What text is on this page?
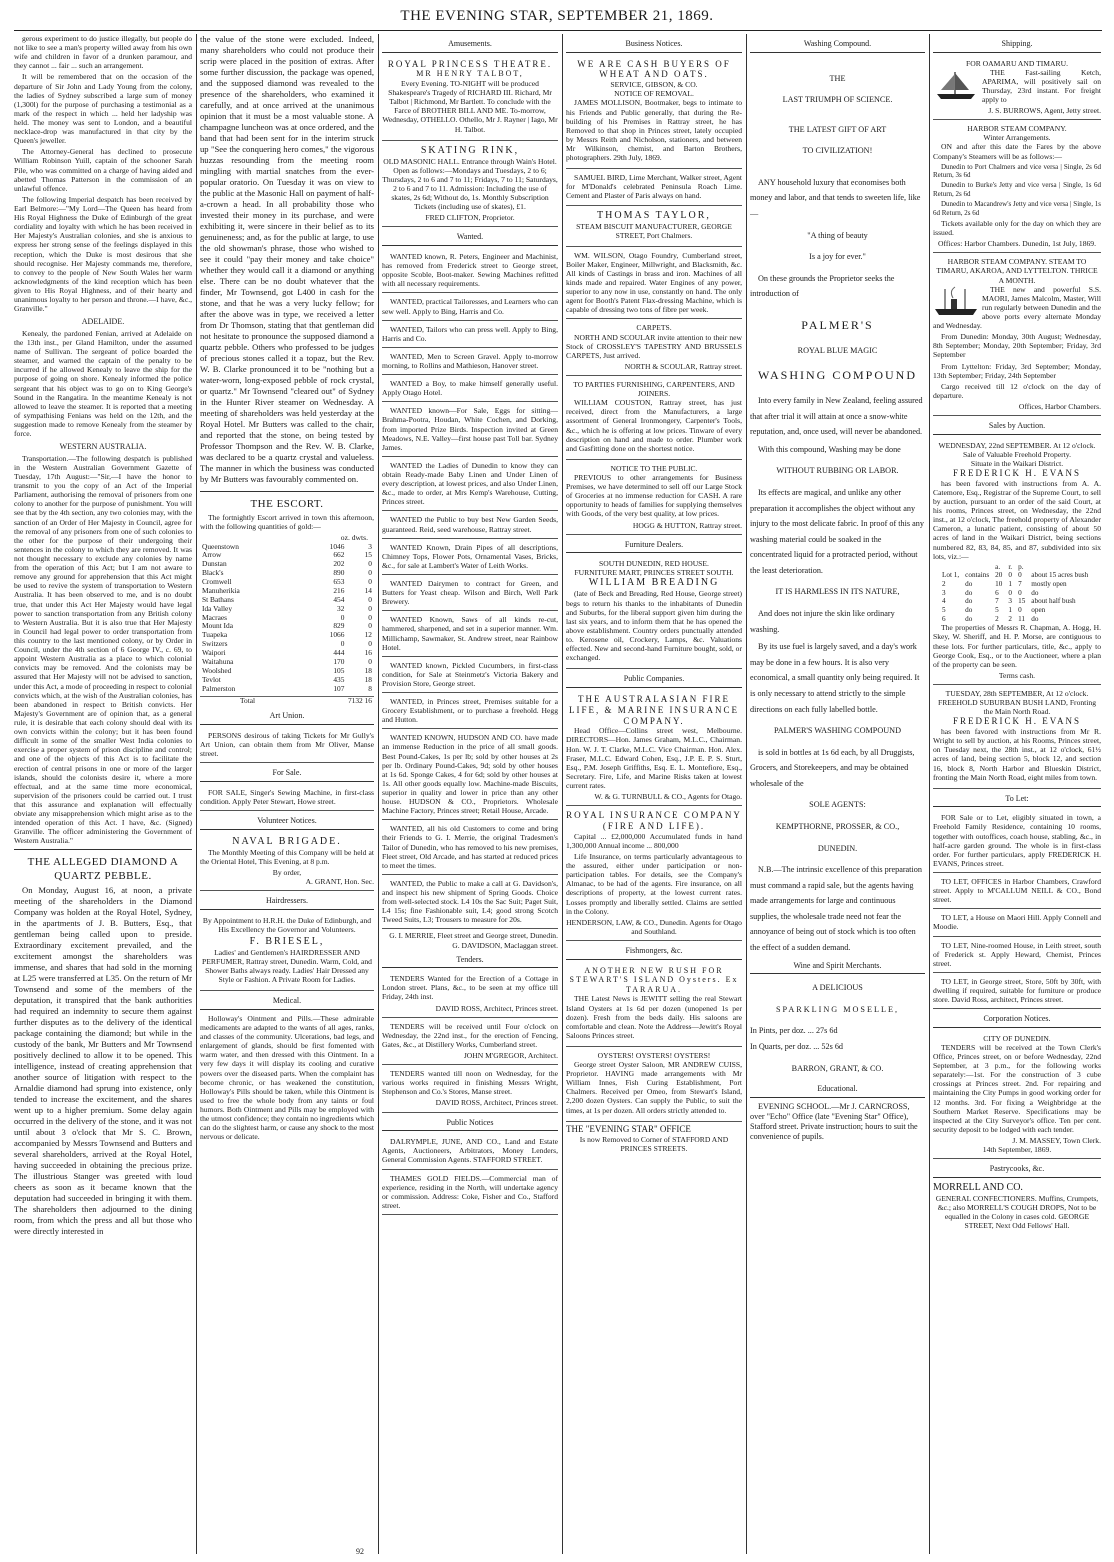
THE EVENING STAR, SEPTEMBER 21, 1869.

gerous experiment to do justice illegally, but people do not like to see a man's property willed away from his own wife and children in favor of a drunken paramour, and they cannot ... fair ... such an arrangement.

It will be remembered that on the occasion of the departure of Sir John and Lady Young from the colony, the ladies of Sydney subscribed a large sum of money (1,300l) for the purpose of purchasing a testimonial as a mark of the respect in which ... held her ladyship was held. The money was sent to London, and a beautiful necklace-drop was manufactured in that city by the Queen's jeweller.

The Attorney-General has declined to prosecute William Robinson Yuill, captain of the schooner Sarah Pile, who was committed on a charge of having aided and abetted Thomas Patterson in the commission of an unlawful offence.

The following Imperial despatch has been received by Earl Belmore:—"My Lord—The Queen has heard from His Royal Highness the Duke of Edinburgh of the great cordiality and loyalty with which he has been received in Her Majesty's Australian colonies, and she is anxious to express her strong sense of the feelings displayed in this reception, which the Duke is most desirous that she should recognise. Her Majesty commands me, therefore, to convey to the people of New South Wales her warm acknowledgments of the kind reception which has been given to His Royal Highness, and of their hearty and unanimous loyalty to her person and throne.—I have, &c., Granville."

ADELAIDE.

Kenealy, the pardoned Fenian, arrived at Adelaide on the 13th inst., per Gland Hamilton, under the assumed name of Sullivan. The sergeant of police boarded the steamer, and warned the captain of the penalty to be incurred if he allowed Kenealy to leave the ship for the purpose of going on shore. Kenealy informed the police sergeant that his object was to go on to King George's Sound in the Rangatira. In the meantime Kenealy is not allowed to leave the steamer. It is reported that a meeting of sympathising Fenians was held on the 12th, and the suggestion made to remove Kenealy from the steamer by force.

WESTERN AUSTRALIA.

Transportation.—The following despatch is published in the Western Australian Government Gazette of Tuesday, 17th August:—"Sir,—I have the honor to transmit to you the copy of an Act of the Imperial Parliament, authorising the removal of prisoners from one colony to another for the purpose of punishment. You will see that by the 4th section, any two colonies may, with the sanction of an Order of Her Majesty in Council, agree for the removal of any prisoners from one of such colonies to the other for the purpose of their undergoing their sentences in the colony to which they are removed. It was not thought necessary to exclude any colonies by name from the operation of this Act; but I am not aware to remove any ground for apprehension that this Act might be used to revive the system of transportation to Western Australia. It has been observed to me, and is no doubt true, that under this Act Her Majesty would have legal power to sanction transportation from any British colony to Western Australia. But it is also true that Her Majesty in Council had legal power to order transportation from this country to the last mentioned colony, or by Order in Council, under the 4th section of 6 George IV., c. 69, to appoint Western Australia as a place to which colonial convicts may be removed. And the colonists may be assured that Her Majesty will not be advised to sanction, under this Act, a mode of proceeding in respect to colonial convicts which, at the wish of the Australian colonies, has been abandoned in respect to British convicts. Her Majesty's Government are of opinion that, as a general rule, it is desirable that each colony should deal with its own convicts within the colony; but it has been found difficult in some of the smaller West India colonies to exercise a proper system of prison discipline and control; and one of the objects of this Act is to facilitate the erection of central prisons in one or more of the larger islands, should the colonists desire it, where a more effectual, and at the same time more economical, supervision of the prisoners could be carried out. I trust that this assurance and explanation will effectually obviate any misapprehension which might arise as to the intended operation of this Act. I have, &c. (Signed) Granville. The officer administering the Government of Western Australia."

THE ALLEGED DIAMOND A QUARTZ PEBBLE.

On Monday, August 16, at noon, a private meeting of the shareholders in the Diamond Company was holden at the Royal Hotel, Sydney, in the apartments of J. B. Butters, Esq., that gentleman being called upon to preside. Extraordinary excitement prevailed, and the excitement amongst the shareholders was immense, and shares that had sold in the morning at L25 were transferred at L35. On the return of Mr Townsend and some of the members of the deputation, it transpired that the bank authorities had required an indemnity to secure them against further disputes as to the delivery of the identical package containing the diamond; but while in the custody of the bank, Mr Butters and Mr Townsend positively declined to allow it to be opened. This intelligence, instead of creating apprehension that another source of litigation with respect to the Arnaldie diamond had sprung into existence, only tended to increase the excitement, and the shares went up to a higher premium. Some delay again occurred in the delivery of the stone, and it was not until about 3 o'clock that Mr S. C. Brown, accompanied by Messrs Townsend and Butters and several shareholders, arrived at the Royal Hotel, having succeeded in obtaining the precious prize. The illustrious Stanger was greeted with loud cheers as soon as it became known that the deputation had succeeded in bringing it with them. The shareholders then adjourned to the dining room, from which the press and all but those who were directly interested in

the value of the stone were excluded. Indeed, many shareholders who could not produce their scrip were placed in the position of extras. After some further discussion, the package was opened, and the supposed diamond was revealed to the presence of the shareholders, who examined it carefully, and at once arrived at the unanimous opinion that it must be a most valuable stone. A champagne luncheon was at once ordered, and the band that had been sent for in the interim struck up "See the conquering hero comes," the vigorous huzzas resounding from the meeting room mingling with martial snatches from the ever-popular oratorio. On Tuesday it was on view to the public at the Masonic Hall on payment of half-a-crown a head. In all probability those who invested their money in its purchase, and were exhibiting it, were sincere in their belief as to its genuineness; and, as for the public at large, to use the old showman's phrase, those who wished to see it could "pay their money and take choice" whether they would call it a diamond or anything else. There can be no doubt whatever that the finder, Mr Townsend, got L400 in cash for the stone, and that he was a very lucky fellow; for after the above was in type, we received a letter from Dr Thomson, stating that that gentleman did not hesitate to pronounce the supposed diamond a quartz pebble. Others who professed to be judges of precious stones called it a topaz, but the Rev. W. B. Clarke pronounced it to be "nothing but a water-worn, long-exposed pebble of rock crystal, or quartz." Mr Townsend "cleared out" of Sydney in the Hunter River steamer on Wednesday. A meeting of shareholders was held yesterday at the Royal Hotel. Mr Butters was called to the chair, and reported that the stone, on being tested by Professor Thompson and the Rev. W. B. Clarke, was declared to be a quartz crystal and valueless. The manner in which the business was conducted by Mr Butters was favourably commented on.

THE ESCORT.

The fortnightly Escort arrived in town this afternoon, with the following quantities of gold:—

oz. dwts.
Queenstown	1046	3
Arrow	662	15
Dunstan	202	0
Black's	890	0
Cromwell	653	0
Manuherikia	216	14
St Bathans	454	0
Ida Valley	32	0
Macraes	0	0
Mount Ida	829	0
Tuapeka	1066	12
Switzers	0	0
Waipori	444	16
Waitahuna	170	0
Woolshed	105	18
Tevlot	435	18
Palmerston	107	8
Total	7132 16
Art Union.

PERSONS desirous of taking Tickets for Mr Gully's Art Union, can obtain them from Mr Oliver, Manse street.

For Sale.

FOR SALE, Singer's Sewing Machine, in first-class condition. Apply Peter Stewart, Howe street.

Volunteer Notices.
NAVAL BRIGADE.

The Monthly Meeting of this Company will be held at the Oriental Hotel, This Evening, at 8 p.m.

By order,
A. GRANT, Hon. Sec.
Hairdressers.

By Appointment to H.R.H. the Duke of Edinburgh, and His Excellency the Governor and Volunteers.

F. BRIESEL,

Ladies' and Gentlemen's HAIRDRESSER AND PERFUMER, Rattray street, Dunedin. Warm, Cold, and Shower Baths always ready. Ladies' Hair Dressed any Style or Fashion. A Private Room for Ladies.

Medical.

Holloway's Ointment and Pills.—These admirable medicaments are adapted to the wants of all ages, ranks, and classes of the community. Ulcerations, bad legs, and enlargement of glands, should be first fomented with warm water, and then dressed with this Ointment. In a very few days it will display its cooling and curative powers over the diseased parts. When the complaint has become chronic, or has weakened the constitution, Holloway's Pills should be taken, while this Ointment is used to free the whole body from any taints or foul humors. Both Ointment and Pills may be employed with the utmost confidence; they contain no ingredients which can do the slightest harm, or cause any shock to the most nervous or delicate.

Amusements.
ROYAL PRINCESS THEATRE.
MR HENRY TALBOT,

Every Evening. TO-NIGHT will be produced Shakespeare's Tragedy of RICHARD III. Richard, Mr Talbot | Richmond, Mr Bartlett. To conclude with the Farce of BROTHER BILL AND ME. To-morrow, Wednesday, OTHELLO. Othello, Mr J. Rayner | Iago, Mr H. Talbot.

SKATING RINK,

OLD MASONIC HALL. Entrance through Wain's Hotel. Open as follows:—Mondays and Tuesdays, 2 to 6; Thursdays, 2 to 6 and 7 to 11; Fridays, 7 to 11; Saturdays, 2 to 6 and 7 to 11. Admission: Including the use of skates, 2s 6d; Without do, 1s. Monthly Subscription Tickets (including use of skates), £1.

FRED CLIFTON, Proprietor.
Wanted.

WANTED known, R. Peters, Engineer and Machinist, has removed from Frederick street to George street, opposite Scoble, Boot-maker. Sewing Machines refitted with all necessary requirements.

WANTED, practical Tailoresses, and Learners who can sew well. Apply to Bing, Harris and Co.

WANTED, Tailors who can press well. Apply to Bing, Harris and Co.

WANTED, Men to Screen Gravel. Apply to-morrow morning, to Rollins and Mathieson, Hanover street.

WANTED a Boy, to make himself generally useful. Apply Otago Hotel.

WANTED known—For Sale, Eggs for sitting—Brahma-Pootra, Houdan, White Cochen, and Dorking, from imported Prize Birds. Inspection invited at Green Meadows, N.E. Valley—first house past Toll bar. Sydney James.

WANTED the Ladies of Dunedin to know they can obtain Ready-made Baby Linen and Under Linen of every description, at lowest prices, and also Under Linen, &c., made to order, at Mrs Kemp's Warehouse, Cutting, Princes street.

WANTED the Public to buy best New Garden Seeds, guaranteed. Reid, seed warehouse, Rattray street.

WANTED Known, Drain Pipes of all descriptions, Chimney Tops, Flower Pots, Ornamental Vases, Bricks, &c., for sale at Lambert's Water of Leith Works.

WANTED Dairymen to contract for Green, and Butters for Yeast cheap. Wilson and Birch, Well Park Brewery.

WANTED Known, Saws of all kinds re-cut, hammered, sharpened, and set in a superior manner. Wm. Millichamp, Sawmaker, St. Andrew street, near Rainbow Hotel.

WANTED known, Pickled Cucumbers, in first-class condition, for Sale at Steinmetz's Victoria Bakery and Provision Store, George street.

WANTED, in Princes street, Premises suitable for a Grocery Establishment, or to purchase a freehold. Hegg and Hutton.

WANTED KNOWN, HUDSON AND CO. have made an immense Reduction in the price of all small goods. Best Pound-Cakes, 1s per lb; sold by other houses at 2s per lb. Ordinary Pound-Cakes, 9d; sold by other houses at 1s 6d. Sponge Cakes, 4 for 6d; sold by other houses at 1s. All other goods equally low. Machine-made Biscuits, superior in quality and lower in price than any other house. HUDSON & CO., Proprietors. Wholesale Machine Factory, Princes street; Retail House, Arcade.

WANTED, all his old Customers to come and bring their Friends to G. I. Merrie, the original Tradesmen's Tailor of Dunedin, who has removed to his new premises, Fleet street, Old Arcade, and has started at reduced prices to meet the times.

WANTED, the Public to make a call at G. Davidson's, and inspect his new shipment of Spring Goods. Choice from well-selected stock. L4 10s the Sac Suit; Paget Suit, L4 15s; fine Fashionable suit, L4; good strong Scotch Tweed Suits, L3; Trousers to measure for 20s.

G. I. MERRIE, Fleet street and George street, Dunedin.
G. DAVIDSON, Maclaggan street.
Tenders.

TENDERS Wanted for the Erection of a Cottage in London street. Plans, &c., to be seen at my office till Friday, 24th inst.

DAVID ROSS, Architect, Princes street.

TENDERS will be received until Four o'clock on Wednesday, the 22nd inst., for the erection of Fencing, Gates, &c., at Distillery Works, Cumberland street.

JOHN M'GREGOR, Architect.

TENDERS wanted till noon on Wednesday, for the various works required in finishing Messrs Wright, Stephenson and Co.'s Stores, Manse street.

DAVID ROSS, Architect, Princes street.
Public Notices

DALRYMPLE, JUNE, AND CO., Land and Estate Agents, Auctioneers, Arbitrators, Money Lenders, General Commission Agents. STAFFORD STREET.

THAMES GOLD FIELDS.—Commercial man of experience, residing in the North, will undertake agency or commission. Address: Coke, Fisher and Co., Stafford street.

Business Notices.
WE ARE CASH BUYERS OF WHEAT AND OATS.
SERVICE, GIBSON, & CO.
NOTICE OF REMOVAL.

JAMES MOLLISON, Bootmaker, begs to intimate to his Friends and Public generally, that during the Re-building of his Premises in Rattray street, he has Removed to that shop in Princes street, lately occupied by Messrs Reith and Nicholson, stationers, and between Mr Wilkinson, chemist, and Barton Brothers, photographers. 29th July, 1869.

SAMUEL BIRD, Lime Merchant, Walker street, Agent for M'Donald's celebrated Peninsula Roach Lime. Cement and Plaster of Paris always on hand.

THOMAS TAYLOR,

STEAM BISCUIT MANUFACTURER, GEORGE STREET, Port Chalmers.

WM. WILSON, Otago Foundry, Cumberland street, Boiler Maker, Engineer, Millwright, and Blacksmith, &c. All kinds of Castings in brass and iron. Machines of all kinds made and repaired. Water Engines of any power, superior to any now in use, constantly on hand. The only agent for Booth's Patent Flax-dressing Machine, which is capable of dressing two tons of fibre per week.

CARPETS.

NORTH AND SCOULAR invite attention to their new Stock of CROSSLEY'S TAPESTRY AND BRUSSELS CARPETS, Just arrived.

NORTH & SCOULAR, Rattray street.
TO PARTIES FURNISHING, CARPENTERS, AND JOINERS.

WILLIAM COUSTON, Rattray street, has just received, direct from the Manufacturers, a large assortment of General Ironmongery, Carpenter's Tools, &c., which he is offering at low prices. Tinware of every description on hand and made to order. Plumber work and Gasfitting done on the shortest notice.

NOTICE TO THE PUBLIC.

PREVIOUS to other arrangements for Business Premises, we have determined to sell off our Large Stock of Groceries at no immense reduction for CASH. A rare opportunity to heads of families for supplying themselves with Goods, of the very best quality, at low prices.

HOGG & HUTTON, Rattray street.
Furniture Dealers.
SOUTH DUNEDIN, RED HOUSE.
FURNITURE MART, PRINCES STREET SOUTH.
WILLIAM BREADING

(late of Beck and Breading, Red House, George street) begs to return his thanks to the inhabitants of Dunedin and Suburbs, for the liberal support given him during the last six years, and to inform them that he has opened the above establishment. Country orders punctually attended to. Kerosene oil, Crockery, Lamps, &c. Valuations effected. New and second-hand Furniture bought, sold, or exchanged.

Public Companies.
THE AUSTRALASIAN FIRE LIFE, & MARINE INSURANCE COMPANY.

Head Office—Collins street west, Melbourne. DIRECTORS—Hon. James Graham, M.L.C., Chairman. Hon. W. J. T. Clarke, M.L.C. Vice Chairman. Hon. Alex. Fraser, M.L.C. Edward Cohen, Esq., J.P. E. P. S. Sturt, Esq., P.M. Joseph Griffiths, Esq. E. L. Montefiore, Esq., Secretary. Fire, Life, and Marine Risks taken at lowest current rates.

W. & G. TURNBULL & CO., Agents for Otago.
ROYAL INSURANCE COMPANY (FIRE AND LIFE).

Capital ... £2,000,000 Accumulated funds in hand 1,300,000 Annual income ... 800,000

Life Insurance, on terms particularly advantageous to the assured, either under participation or non-participation tables. For details, see the Company's Almanac, to be had of the agents. Fire insurance, on all descriptions of property, at the lowest current rates. Losses promptly and liberally settled. Claims are settled in the Colony.

HENDERSON, LAW, & CO., Dunedin. Agents for Otago and Southland.
Fishmongers, &c.
ANOTHER NEW RUSH FOR STEWART'S ISLAND Oysters. Ex TARARUA.

THE Latest News is JEWITT selling the real Stewart Island Oysters at 1s 6d per dozen (unopened 1s per dozen). Fresh from the beds daily. His saloons are comfortable and clean. Note the Address—Jewitt's Royal Saloons Princes street.

OYSTERS! OYSTERS! OYSTERS!

George street Oyster Saloon, MR ANDREW CUISS, Proprietor. HAVING made arrangements with Mr William Innes, Fish Curing Establishment, Port Chalmers. Received per Omeo, from Stewart's Island, 2,200 dozen Oysters. Can supply the Public, to suit the times, at 1s per dozen. All orders strictly attended to.

THE "EVENING STAR" OFFICE

Is now Removed to Corner of STAFFORD AND PRINCES STREETS.

Washing Compound.
THE
LAST TRIUMPH OF SCIENCE.
THE LATEST GIFT OF ART
TO CIVILIZATION!

ANY household luxury that economises both money and labor, and that tends to sweeten life, like—

"A thing of beauty
Is a joy for ever."

On these grounds the Proprietor seeks the introduction of

PALMER'S
ROYAL BLUE MAGIC
WASHING COMPOUND

Into every family in New Zealand, feeling assured that after trial it will attain at once a snow-white reputation, and, once used, will never be abandoned.

With this compound, Washing may be done

WITHOUT RUBBING OR LABOR.

Its effects are magical, and unlike any other preparation it accomplishes the object without any injury to the most delicate fabric. In proof of this any washing material could be soaked in the concentrated liquid for a protracted period, without the least deterioration.

IT IS HARMLESS IN ITS NATURE,

And does not injure the skin like ordinary washing.

By its use fuel is largely saved, and a day's work may be done in a few hours. It is also very economical, a small quantity only being required. It is only necessary to attend strictly to the simple directions on each fully labelled bottle.

PALMER'S WASHING COMPOUND

is sold in bottles at 1s 6d each, by all Druggists, Grocers, and Storekeepers, and may be obtained wholesale of the

SOLE AGENTS:
KEMPTHORNE, PROSSER, & CO.,
DUNEDIN.

N.B.—The intrinsic excellence of this preparation must command a rapid sale, but the agents having made arrangements for large and continuous supplies, the wholesale trade need not fear the annoyance of being out of stock which is too often the effect of a sudden demand.

Wine and Spirit Merchants.
A DELICIOUS
SPARKLING MOSELLE,
In Pints, per doz. ... 27s 6d
In Quarts, per doz. ... 52s 6d
BARRON, GRANT, & CO.
Educational.

EVENING SCHOOL.—Mr J. CARNCROSS, over "Echo" Office (late "Evening Star" Office), Stafford street. Private instruction; hours to suit the convenience of pupils.

Shipping.
FOR OAMARU AND TIMARU.

THE Fast-sailing Ketch, APARIMA, will positively sail on Thursday, 23rd instant. For freight apply to

J. S. BURROWS, Agent, Jetty street.
HARBOR STEAM COMPANY.
Winter Arrangements.

ON and after this date the Fares by the above Company's Steamers will be as follows:—

Dunedin to Port Chalmers and vice versa | Single, 2s 6d Return, 3s 6d

Dunedin to Burke's Jetty and vice versa | Single, 1s 6d Return, 2s 6d

Dunedin to Macandrew's Jetty and vice versa | Single, 1s 6d Return, 2s 6d

Tickets available only for the day on which they are issued.

Offices: Harbor Chambers. Dunedin, 1st July, 1869.
HARBOR STEAM COMPANY. STEAM TO TIMARU, AKAROA, AND LYTTELTON. THRICE A MONTH.

THE new and powerful S.S. MAORI, James Malcolm, Master, Will run regularly between Dunedin and the above ports every alternate Monday and Wednesday.

From Dunedin: Monday, 30th August; Wednesday, 8th September; Monday, 20th September; Friday, 3rd September

From Lyttelton: Friday, 3rd September; Monday, 13th September; Friday, 24th September

Cargo received till 12 o'clock on the day of departure.

Offices, Harbor Chambers.
Sales by Auction.
WEDNESDAY, 22nd SEPTEMBER. At 12 o'clock.
Sale of Valuable Freehold Property.
Situate in the Waikari District.
FREDERICK H. EVANS

has been favored with instructions from A. A. Catemore, Esq., Registrar of the Supreme Court, to sell by auction, pursuant to an order of the said Court, at his rooms, Princes street, on Wednesday, the 22nd inst., at 12 o'clock, The freehold property of Alexander Cameron, a lunatic patient, consisting of about 50 acres of land in the Waikari District, being sections numbered 82, 83, 84, 85, and 87, subdivided into six lots, viz.:—

		a.	r.	p.	
Lot 1,	contains	20	0	0	about 15 acres bush
2	do	10	1	7	mostly open
3	do	6	0	0	do
4	do	7	3	15	about half bush
5	do	5	1	0	open
6	do	2	2	11	do

The properties of Messrs R. Chapman, A. Hogg, H. Skey, W. Sheriff, and H. P. Morse, are contiguous to these lots. For further particulars, title, &c., apply to George Cook, Esq., or to the Auctioneer, where a plan of the property can be seen.

Terms cash.
TUESDAY, 28th SEPTEMBER, At 12 o'clock.
FREEHOLD SUBURBAN BUSH LAND, Fronting the Main North Road.
FREDERICK H. EVANS

has been favored with instructions from Mr R. Wright to sell by auction, at his Rooms, Princes street, on Tuesday next, the 28th inst., at 12 o'clock, 61½ acres of land, being section 5, block 12, and section 16, block 8, North Harbor and Blueskin District, fronting the Main North Road, eight miles from town.

To Let:

FOR Sale or to Let, eligibly situated in town, a Freehold Family Residence, containing 10 rooms, together with outoffices, coach house, stabling, &c., in half-acre garden ground. The whole is in first-class order. For further particulars, apply FREDERICK H. EVANS, Princes street.

TO LET, OFFICES in Harbor Chambers, Crawford street. Apply to M'CALLUM NEILL & CO., Bond street.

TO LET, a House on Maori Hill. Apply Connell and Moodie.

TO LET, Nine-roomed House, in Leith street, south of Frederick st. Apply Heward, Chemist, Princes street.

TO LET, in George street, Store, 50ft by 30ft, with dwelling if required, suitable for furniture or produce store. David Ross, architect, Princes street.

Corporation Notices.
CITY OF DUNEDIN.

TENDERS will be received at the Town Clerk's Office, Princes street, on or before Wednesday, 22nd September, at 3 p.m., for the following works separately:—1st. For the construction of 3 cube crossings at Princes street. 2nd. For repairing and maintaining the City Pumps in good working order for 12 months. 3rd. For fixing a Weighbridge at the Southern Market Reserve. Specifications may be inspected at the City Surveyor's office. Ten per cent. security deposit to be lodged with each tender.

J. M. MASSEY, Town Clerk.
14th September, 1869.
Pastrycooks, &c.
MORRELL AND CO.

GENERAL CONFECTIONERS. Muffins, Crumpets, &c.; also MORRELL'S COUGH DROPS, Not to be equalled in the Colony in cases cold. GEORGE STREET, Next Odd Fellows' Hall.

92
